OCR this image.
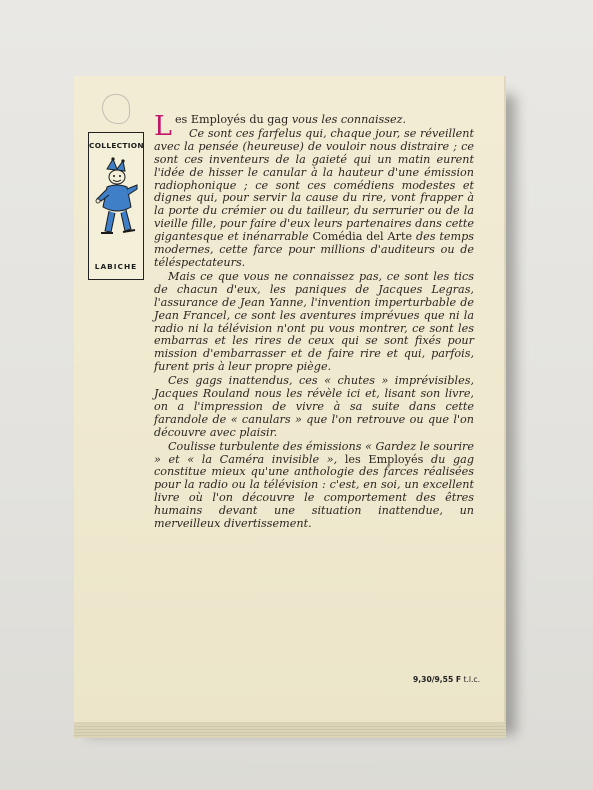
COLLECTION
LABICHE

Les Employés du gag vous les connaissez.

Ce sont ces farfelus qui, chaque jour, se réveillent avec la pensée (heureuse) de vouloir nous distraire ; ce sont ces inventeurs de la gaieté qui un matin eurent l'idée de hisser le canular à la hauteur d'une émission radiophonique ; ce sont ces comédiens modestes et dignes qui, pour servir la cause du rire, vont frapper à la porte du crémier ou du tailleur, du serrurier ou de la vieille fille, pour faire d'eux leurs partenaires dans cette gigantesque et inénarrable Comédia del Arte des temps modernes, cette farce pour millions d'auditeurs ou de téléspectateurs.

Mais ce que vous ne connaissez pas, ce sont les tics de chacun d'eux, les paniques de Jacques Legras, l'assurance de Jean Yanne, l'invention imperturbable de Jean Francel, ce sont les aventures imprévues que ni la radio ni la télévision n'ont pu vous montrer, ce sont les embarras et les rires de ceux qui se sont fixés pour mission d'embarrasser et de faire rire et qui, parfois, furent pris à leur propre piège.

Ces gags inattendus, ces « chutes » imprévisibles, Jacques Rouland nous les révèle ici et, lisant son livre, on a l'impression de vivre à sa suite dans cette farandole de « canulars » que l'on retrouve ou que l'on découvre avec plaisir.

Coulisse turbulente des émissions « Gardez le sourire » et « la Caméra invisible », les Employés du gag constitue mieux qu'une anthologie des farces réalisées pour la radio ou la télévision : c'est, en soi, un excellent livre où l'on découvre le comportement des êtres humains devant une situation inattendue, un merveilleux divertissement.

9,30/9,55 F t.l.c.
